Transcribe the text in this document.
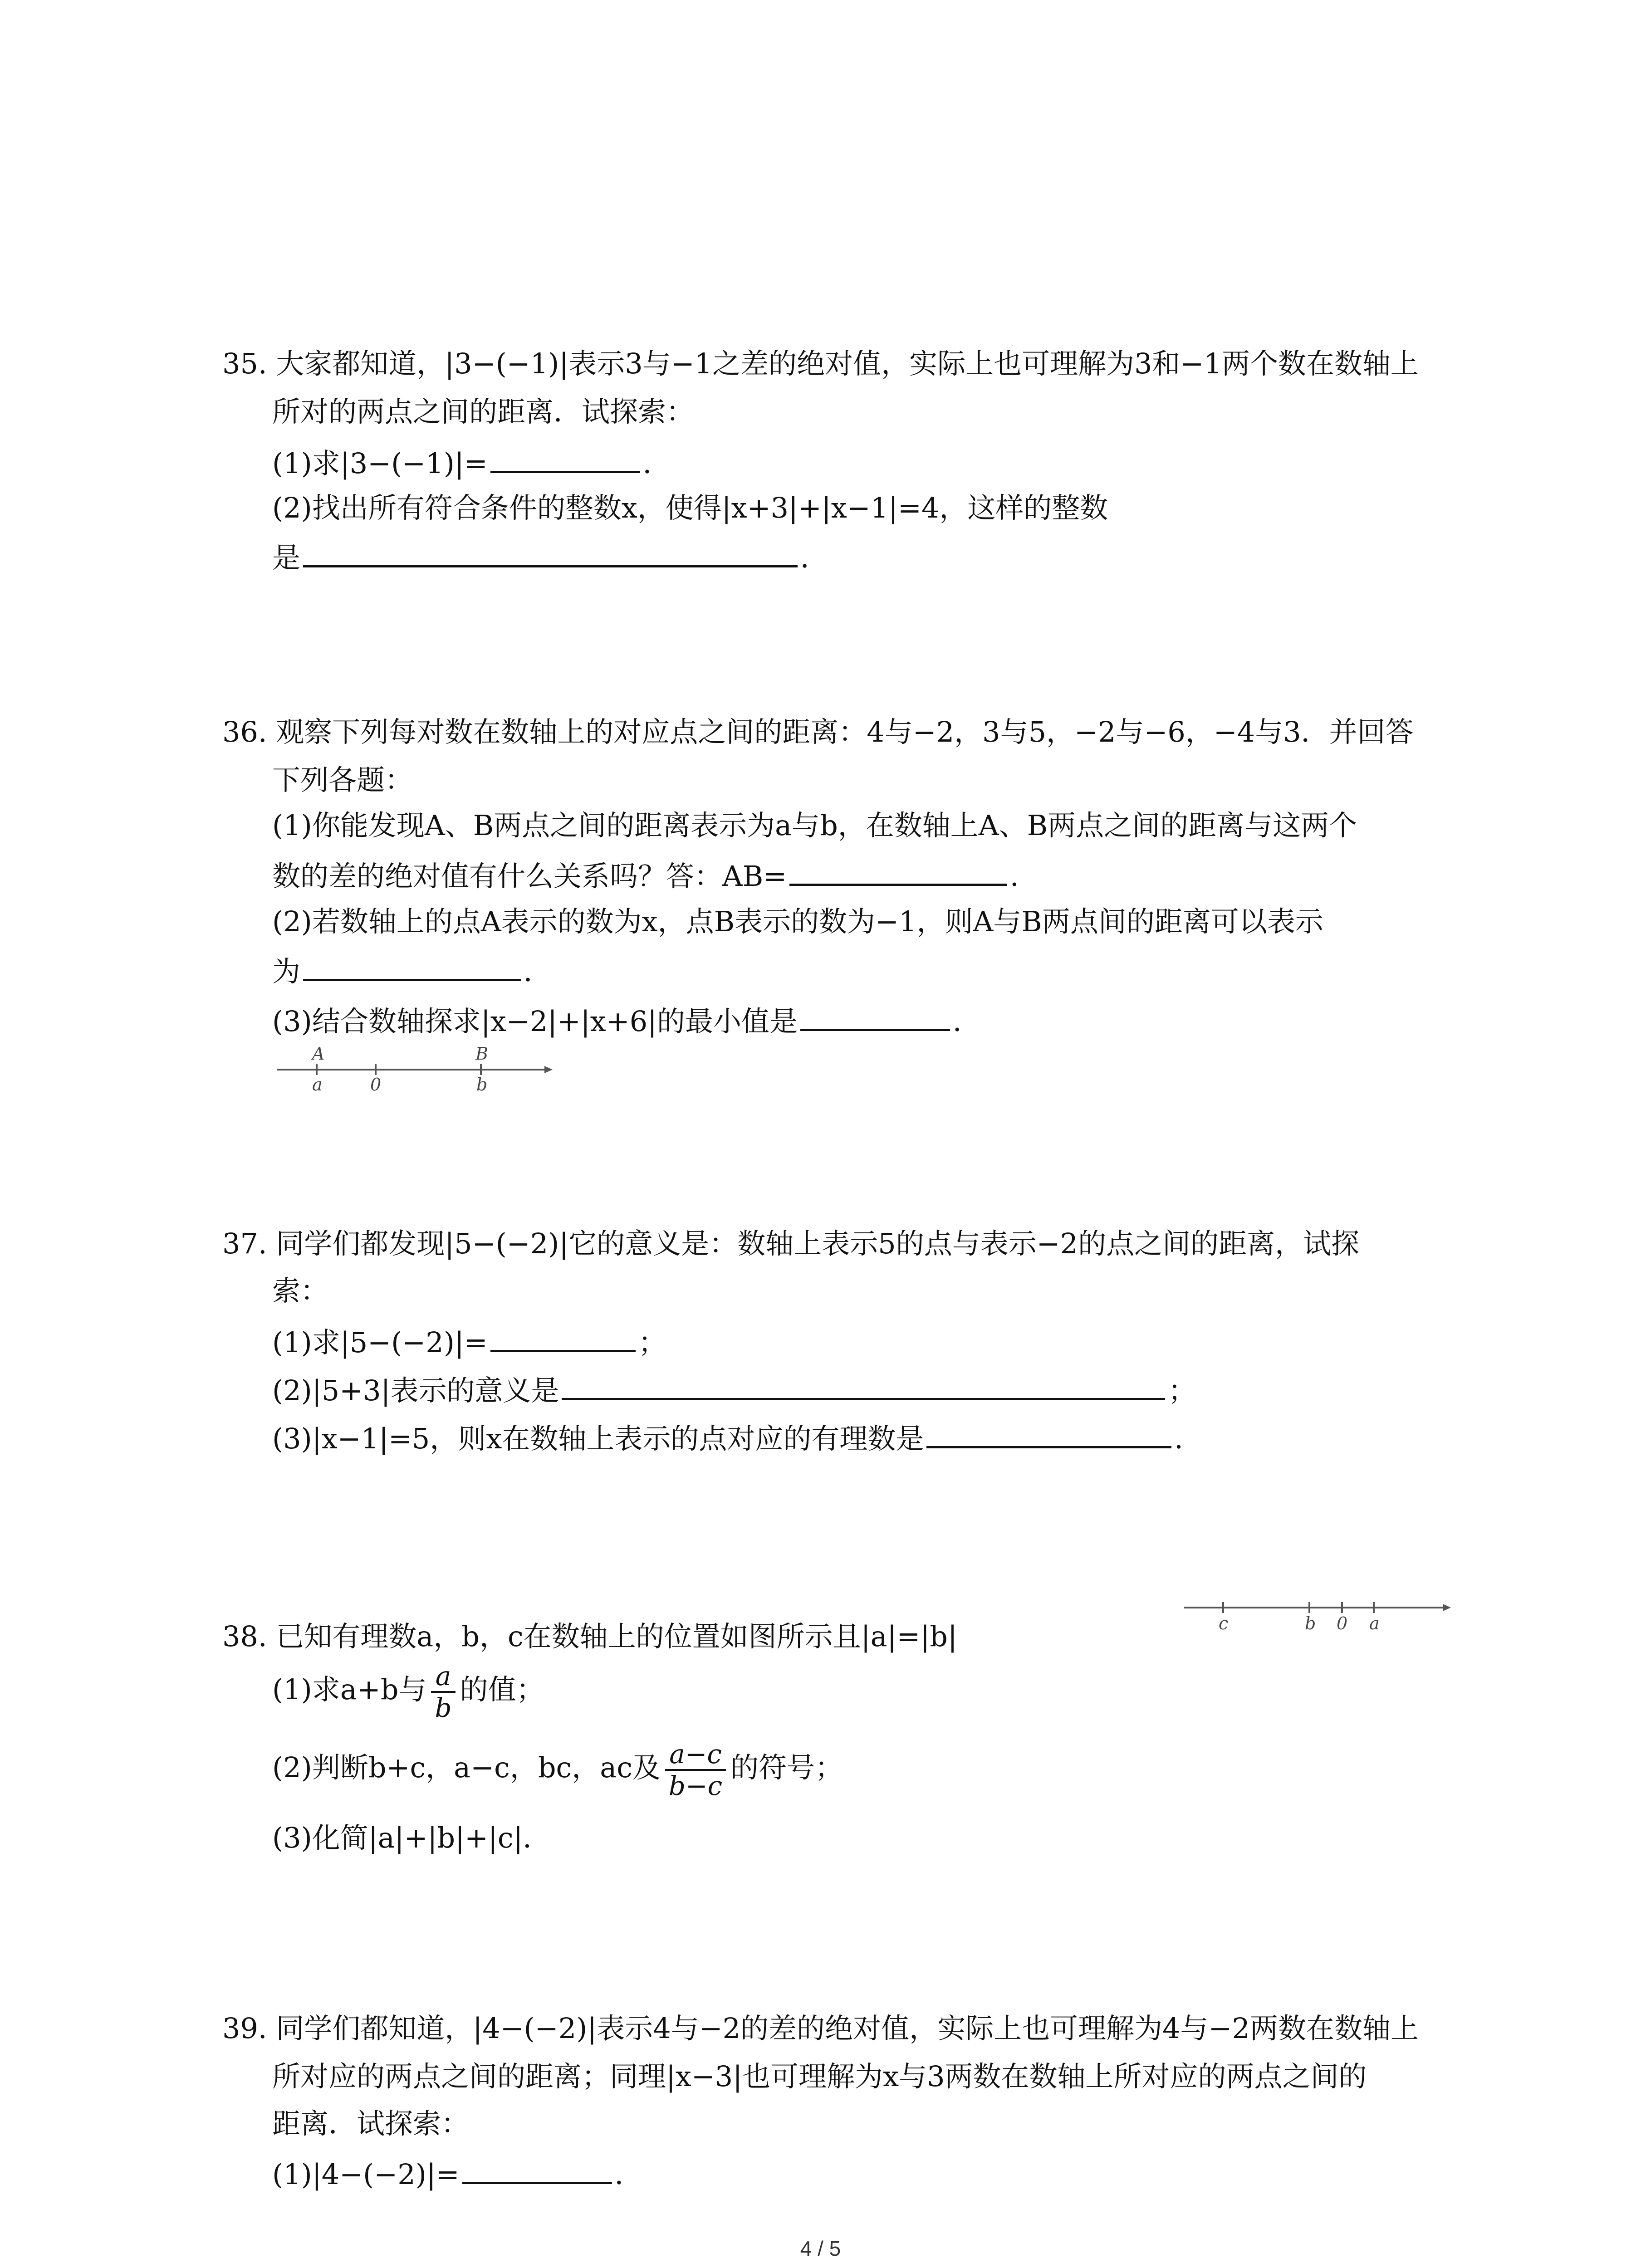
35. 大家都知道，|3−(−1)|表示3与−1之差的绝对值，实际上也可理解为3和−1两个数在数轴上
所对的两点之间的距离．试探索：
(1)求|3−(−1)|=	．
(2)找出所有符合条件的整数x，使得|x+3|+|x−1|=4，这样的整数
是	．
36. 观察下列每对数在数轴上的对应点之间的距离：4与−2，3与5，−2与−6，−4与3．并回答
下列各题：
(1)你能发现A、B两点之间的距离表示为a与b，在数轴上A、B两点之间的距离与这两个
数的差的绝对值有什么关系吗？答：AB=	．
(2)若数轴上的点A表示的数为x，点B表示的数为−1，则A与B两点间的距离可以表示
为	．
(3)结合数轴探求|x−2|+|x+6|的最小值是	．
A	B
a	0	b
37. 同学们都发现|5−(−2)|它的意义是：数轴上表示5的点与表示−2的点之间的距离，试探
索：
(1)求|5−(−2)|=	；
(2)|5+3|表示的意义是	；
(3)|x−1|=5，则x在数轴上表示的点对应的有理数是	．
38. 已知有理数a，b，c在数轴上的位置如图所示且|a|=|b|	c	b 0 a
(1)求a+b与 $\frac{a}{b}$ 的值；
(2)判断b+c，a−c，bc，ac及 $\frac{a-c}{b-c}$ 的符号；
(3)化简|a|+|b|+|c|．
39. 同学们都知道，|4−(−2)|表示4与−2的差的绝对值，实际上也可理解为4与−2两数在数轴上
所对应的两点之间的距离；同理|x−3|也可理解为x与3两数在数轴上所对应的两点之间的
距离．试探索：
(1)|4−(−2)|=	．
4 / 5
